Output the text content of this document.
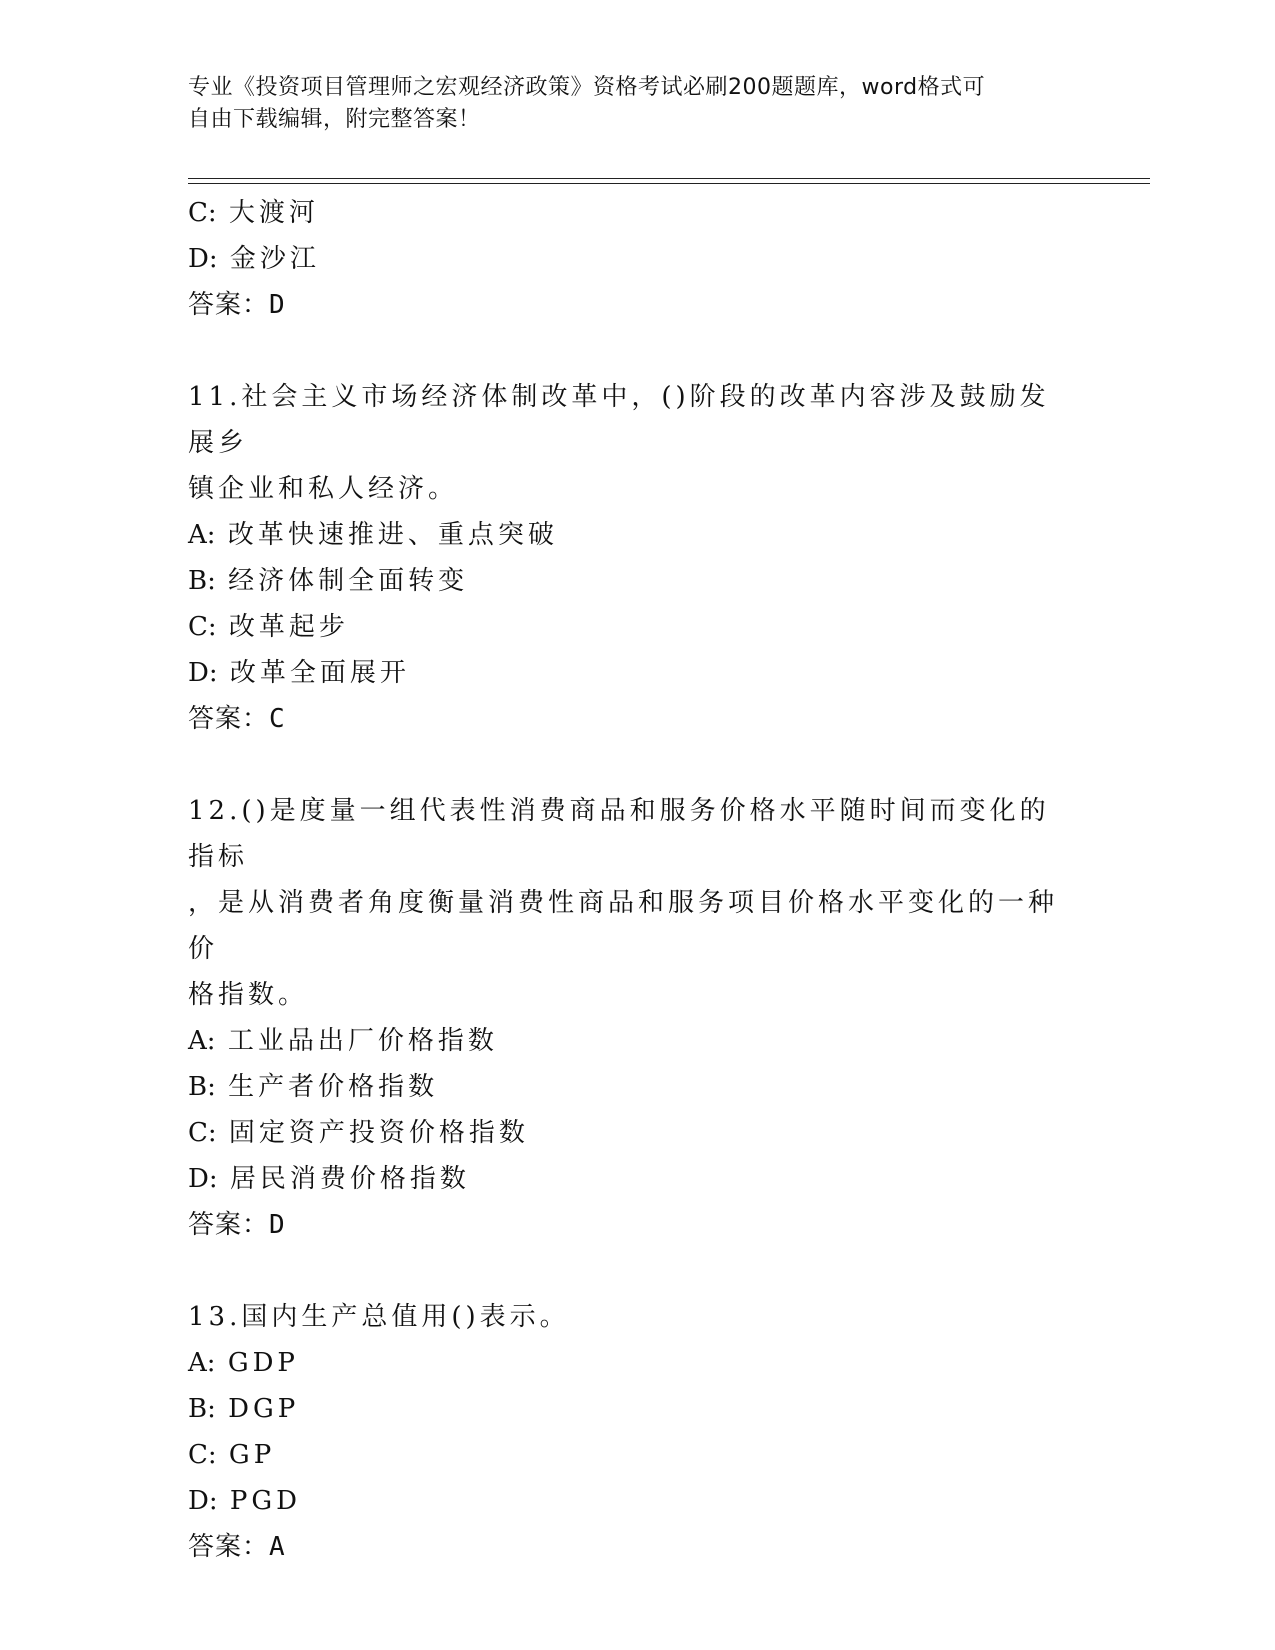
专业《投资项目管理师之宏观经济政策》资格考试必刷200题题库，word格式可
自由下载编辑，附完整答案！
C: 大渡河
D: 金沙江
答案：D
11.社会主义市场经济体制改革中，()阶段的改革内容涉及鼓励发展乡
镇企业和私人经济。
A: 改革快速推进、重点突破
B: 经济体制全面转变
C: 改革起步
D: 改革全面展开
答案：C
12.()是度量一组代表性消费商品和服务价格水平随时间而变化的指标
，是从消费者角度衡量消费性商品和服务项目价格水平变化的一种价
格指数。
A: 工业品出厂价格指数
B: 生产者价格指数
C: 固定资产投资价格指数
D: 居民消费价格指数
答案：D
13.国内生产总值用()表示。
A: GDP
B: DGP
C: GP
D: PGD
答案：A
